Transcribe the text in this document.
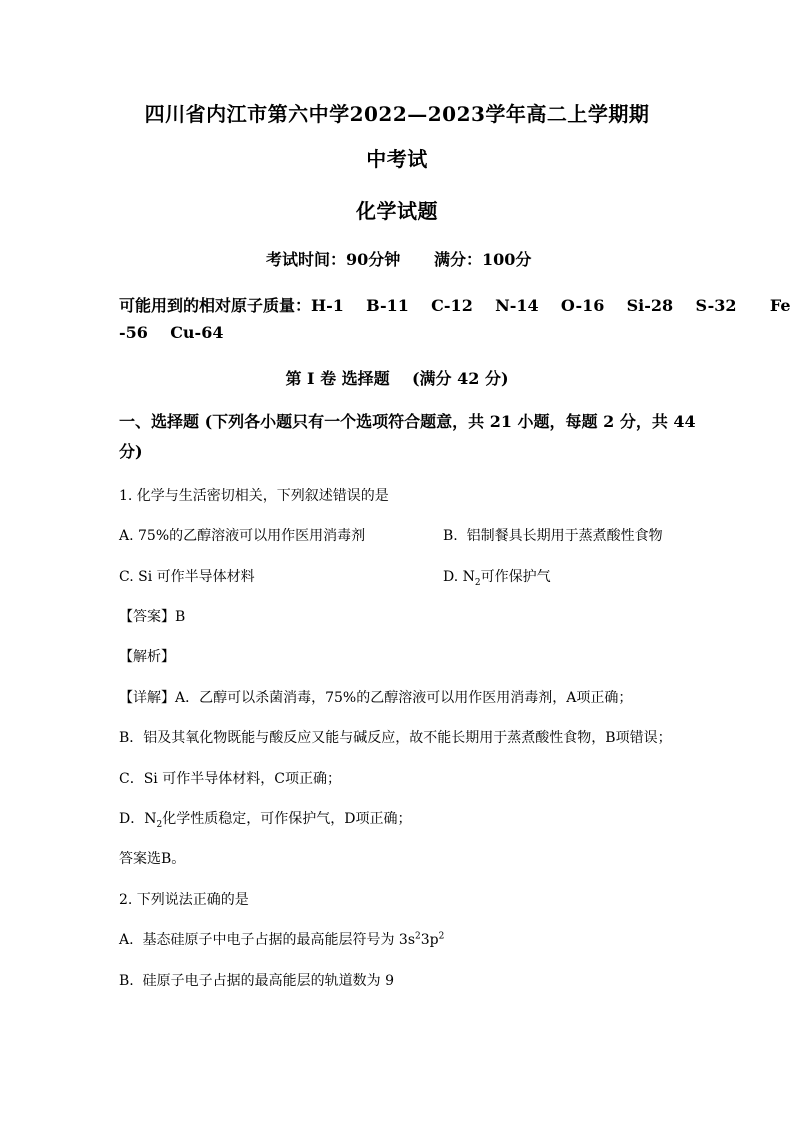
四川省内江市第六中学2022—2023学年高二上学期期
中考试
化学试题
考试时间：90分钟 满分：100分
可能用到的相对原子质量：H-1    B-11    C-12    N-14    O-16    Si-28    S-32      Fe
-56    Cu-64
第 I 卷 选择题    (满分 42 分)
一、选择题 (下列各小题只有一个选项符合题意，共 21 小题，每题 2 分，共 44
分)
1. 化学与生活密切相关，下列叙述错误的是
A. 75%的乙醇溶液可以用作医用消毒剂	B.  铝制餐具长期用于蒸煮酸性食物
C. Si 可作半导体材料	D. $N_2$可作保护气
【答案】B
【解析】
【详解】A．乙醇可以杀菌消毒，75%的乙醇溶液可以用作医用消毒剂，A项正确；
B．铝及其氧化物既能与酸反应又能与碱反应，故不能长期用于蒸煮酸性食物，B项错误；
C．Si 可作半导体材料，C项正确；
D．$N_2$化学性质稳定，可作保护气，D项正确；
答案选B。
2. 下列说法正确的是
A.  基态硅原子中电子占据的最高能层符号为 $3s^23p^2$
B.  硅原子电子占据的最高能层的轨道数为 9
